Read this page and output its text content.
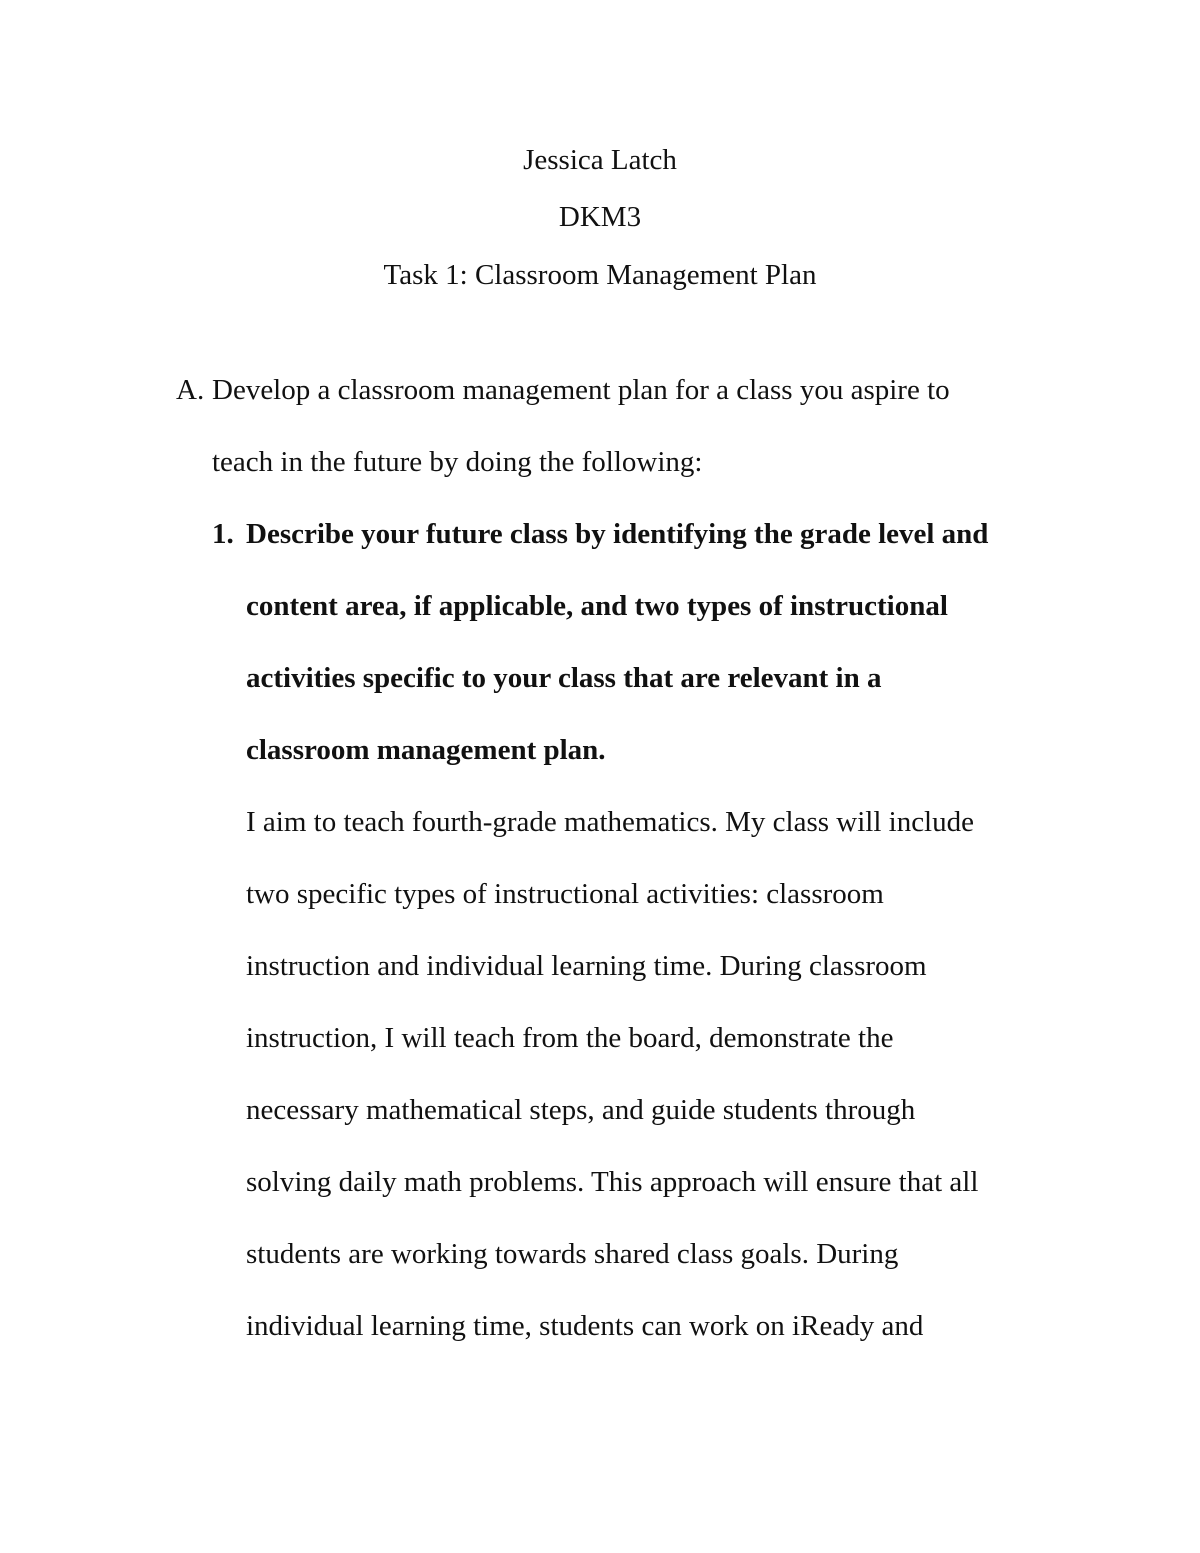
Jessica Latch
DKM3
Task 1: Classroom Management Plan
A. Develop a classroom management plan for a class you aspire to
teach in the future by doing the following:
1. Describe your future class by identifying the grade level and
content area, if applicable, and two types of instructional
activities specific to your class that are relevant in a
classroom management plan.
I aim to teach fourth-grade mathematics. My class will include
two specific types of instructional activities: classroom
instruction and individual learning time. During classroom
instruction, I will teach from the board, demonstrate the
necessary mathematical steps, and guide students through
solving daily math problems. This approach will ensure that all
students are working towards shared class goals. During
individual learning time, students can work on iReady and
